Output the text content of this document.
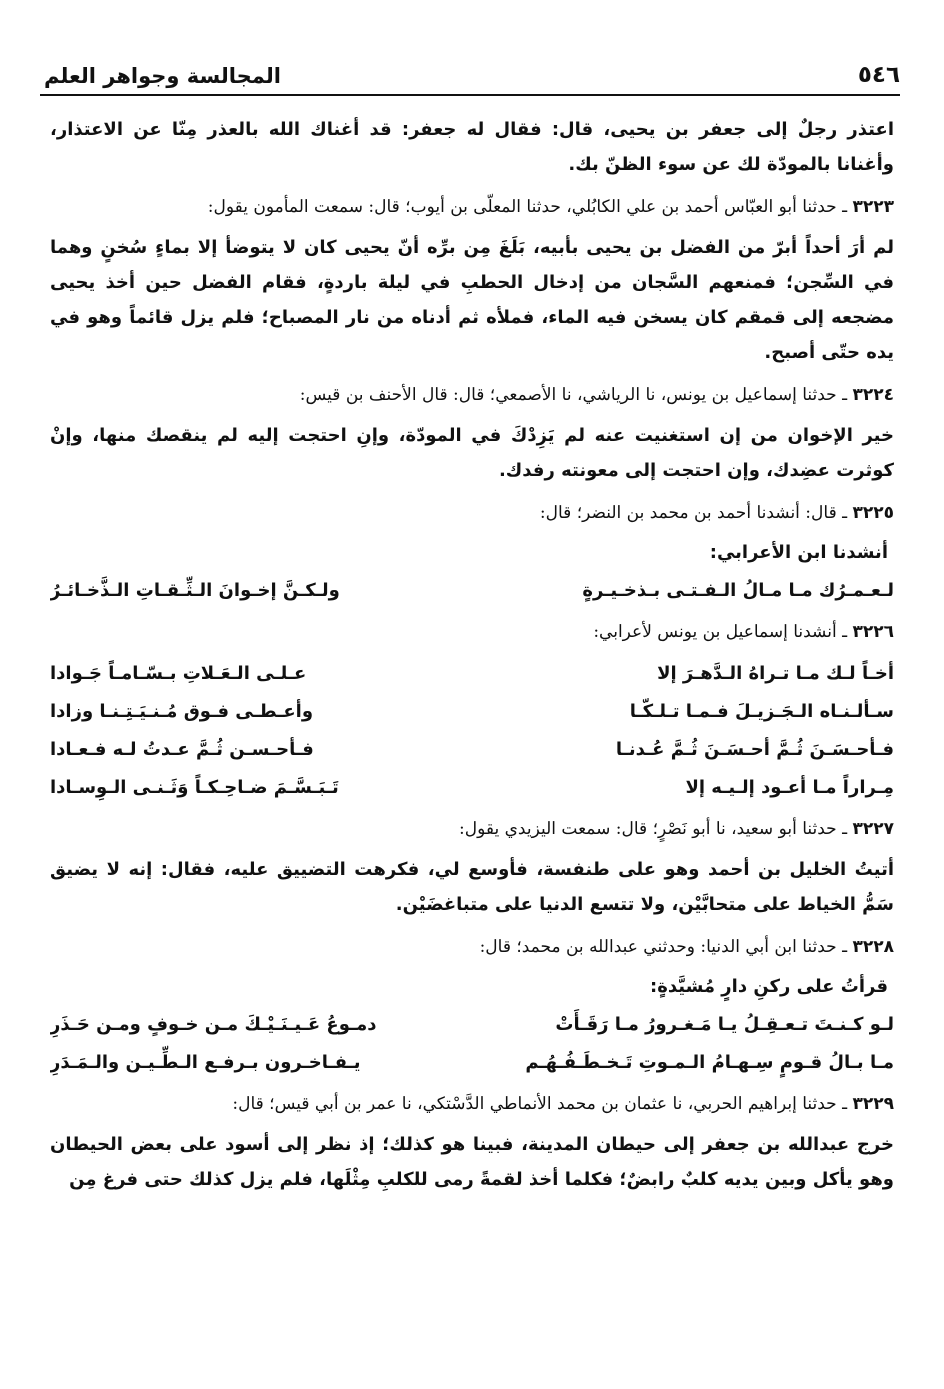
٥٤٦
المجالسة وجواهر العلم

اعتذر رجلٌ إلى جعفر بن يحيى، قال: فقال له جعفر: قد أغناك الله بالعذر مِنّا عن الاعتذار، وأغنانا بالمودّة لك عن سوء الظنّ بك.

٣٢٢٣ ـ حدثنا أبو العبّاس أحمد بن علي الكابُلي، حدثنا المعلّى بن أيوب؛ قال: سمعت المأمون يقول:

لم أرَ أحداً أبرّ من الفضل بن يحيى بأبيه، بَلَغَ مِن برِّه أنّ يحيى كان لا يتوضأ إلا بماءٍ سُخنٍ وهما في السِّجن؛ فمنعهم السَّجان من إدخال الحطبِ في ليلة باردةٍ، فقام الفضل حين أخذ يحيى مضجعه إلى قمقم كان يسخن فيه الماء، فملأه ثم أدناه من نار المصباح؛ فلم يزل قائماً وهو في يده حتّى أصبح.

٣٢٢٤ ـ حدثنا إسماعيل بن يونس، نا الرياشي، نا الأصمعي؛ قال: قال الأحنف بن قيس:

خير الإخوان من إن استغنيت عنه لم يَزِدْكَ في المودّة، وإنِ احتجت إليه لم ينقصك منها، وإنْ كوثرت عضِدك، وإن احتجت إلى معونته رفدك.

٣٢٢٥ ـ قال: أنشدنا أحمد بن محمد بن النضر؛ قال:

أنشدنا ابن الأعرابي:

لـعـمـرُك مـا مـالُ الـفـتـى بـذخـيـرةٍ
ولـكـنَّ إخـوانَ الـثِّـقـاتِ الـذَّخـائـرُ

٣٢٢٦ ـ أنشدنا إسماعيل بن يونس لأعرابي:

أخـاً لـك مـا تـراهُ الـدَّهـرَ إلا
عـلـى الـعَـلاتِ بـسّـامـاً جَـوادا
سـألـنـاه الـجَـزيـلَ فـمـا تـلـكّـا
وأعـطـى فـوق مُـنـيَـتِـنـا وزادا
فـأحـسَـنَ ثُـمَّ أحـسَـنَ ثُـمَّ عُـدنـا
فـأحـسـن ثُـمَّ عـدتُ لـه فـعـادا
مِـراراً مـا أعـود إلـيـه إلا
تَـبَـسَّـمَ ضـاحِـكـاً وَثَـنـى الـوِسـادا

٣٢٢٧ ـ حدثنا أبو سعيد، نا أبو نَصْرٍ؛ قال: سمعت اليزيدي يقول:

أتيتُ الخليل بن أحمد وهو على طنفسة، فأوسع لي، فكرهت التضييق عليه، فقال: إنه لا يضيق سَمُّ الخياط على متحابَّيْن، ولا تتسع الدنيا على متباغضَيْن.

٣٢٢٨ ـ حدثنا ابن أبي الدنيا: وحدثني عبدالله بن محمد؛ قال:

قرأتُ على ركنِ دارٍ مُشيَّدةٍ:

لـو كـنـتَ تـعـقِـلُ يـا مَـغـرورُ مـا رَقَـأَتْ
دمـوعُ عَـيـنَـيْـكَ مـن خـوفٍ ومـن حَـذَرِ
مـا بـالُ قـومٍ سِـهـامُ الـمـوتِ تَـخـطَـفُـهُـم
يـفـاخـرون بـرفـع الـطِّـيـن والـمَـدَرِ

٣٢٢٩ ـ حدثنا إبراهيم الحربي، نا عثمان بن محمد الأنماطي الدَّسْتكي، نا عمر بن أبي قيس؛ قال:

خرج عبدالله بن جعفر إلى حيطان المدينة، فبينا هو كذلك؛ إذ نظر إلى أسود على بعض الحيطان وهو يأكل وبين يديه كلبٌ رابضٌ؛ فكلما أخذ لقمةً رمى للكلبِ مِثْلَها، فلم يزل كذلك حتى فرغ مِن
